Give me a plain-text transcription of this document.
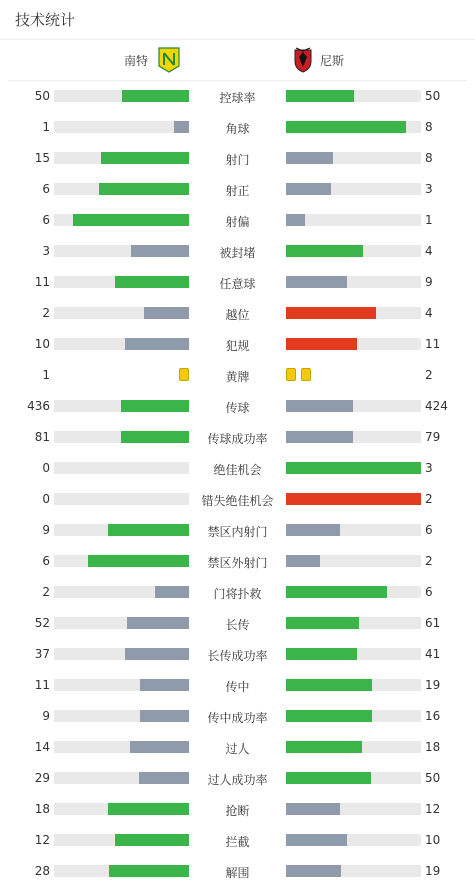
技术统计
南特	尼斯
50	控球率	50
1	角球	8
15	射门	8
6	射正	3
6	射偏	1
3	被封堵	4
11	任意球	9
2	越位	4
10	犯规	11
1	黄牌	2
436	传球	424
81	传球成功率	79
0	绝佳机会	3
0	错失绝佳机会	2
9	禁区内射门	6
6	禁区外射门	2
2	门将扑救	6
52	长传	61
37	长传成功率	41
11	传中	19
9	传中成功率	16
14	过人	18
29	过人成功率	50
18	抢断	12
12	拦截	10
28	解围	19
